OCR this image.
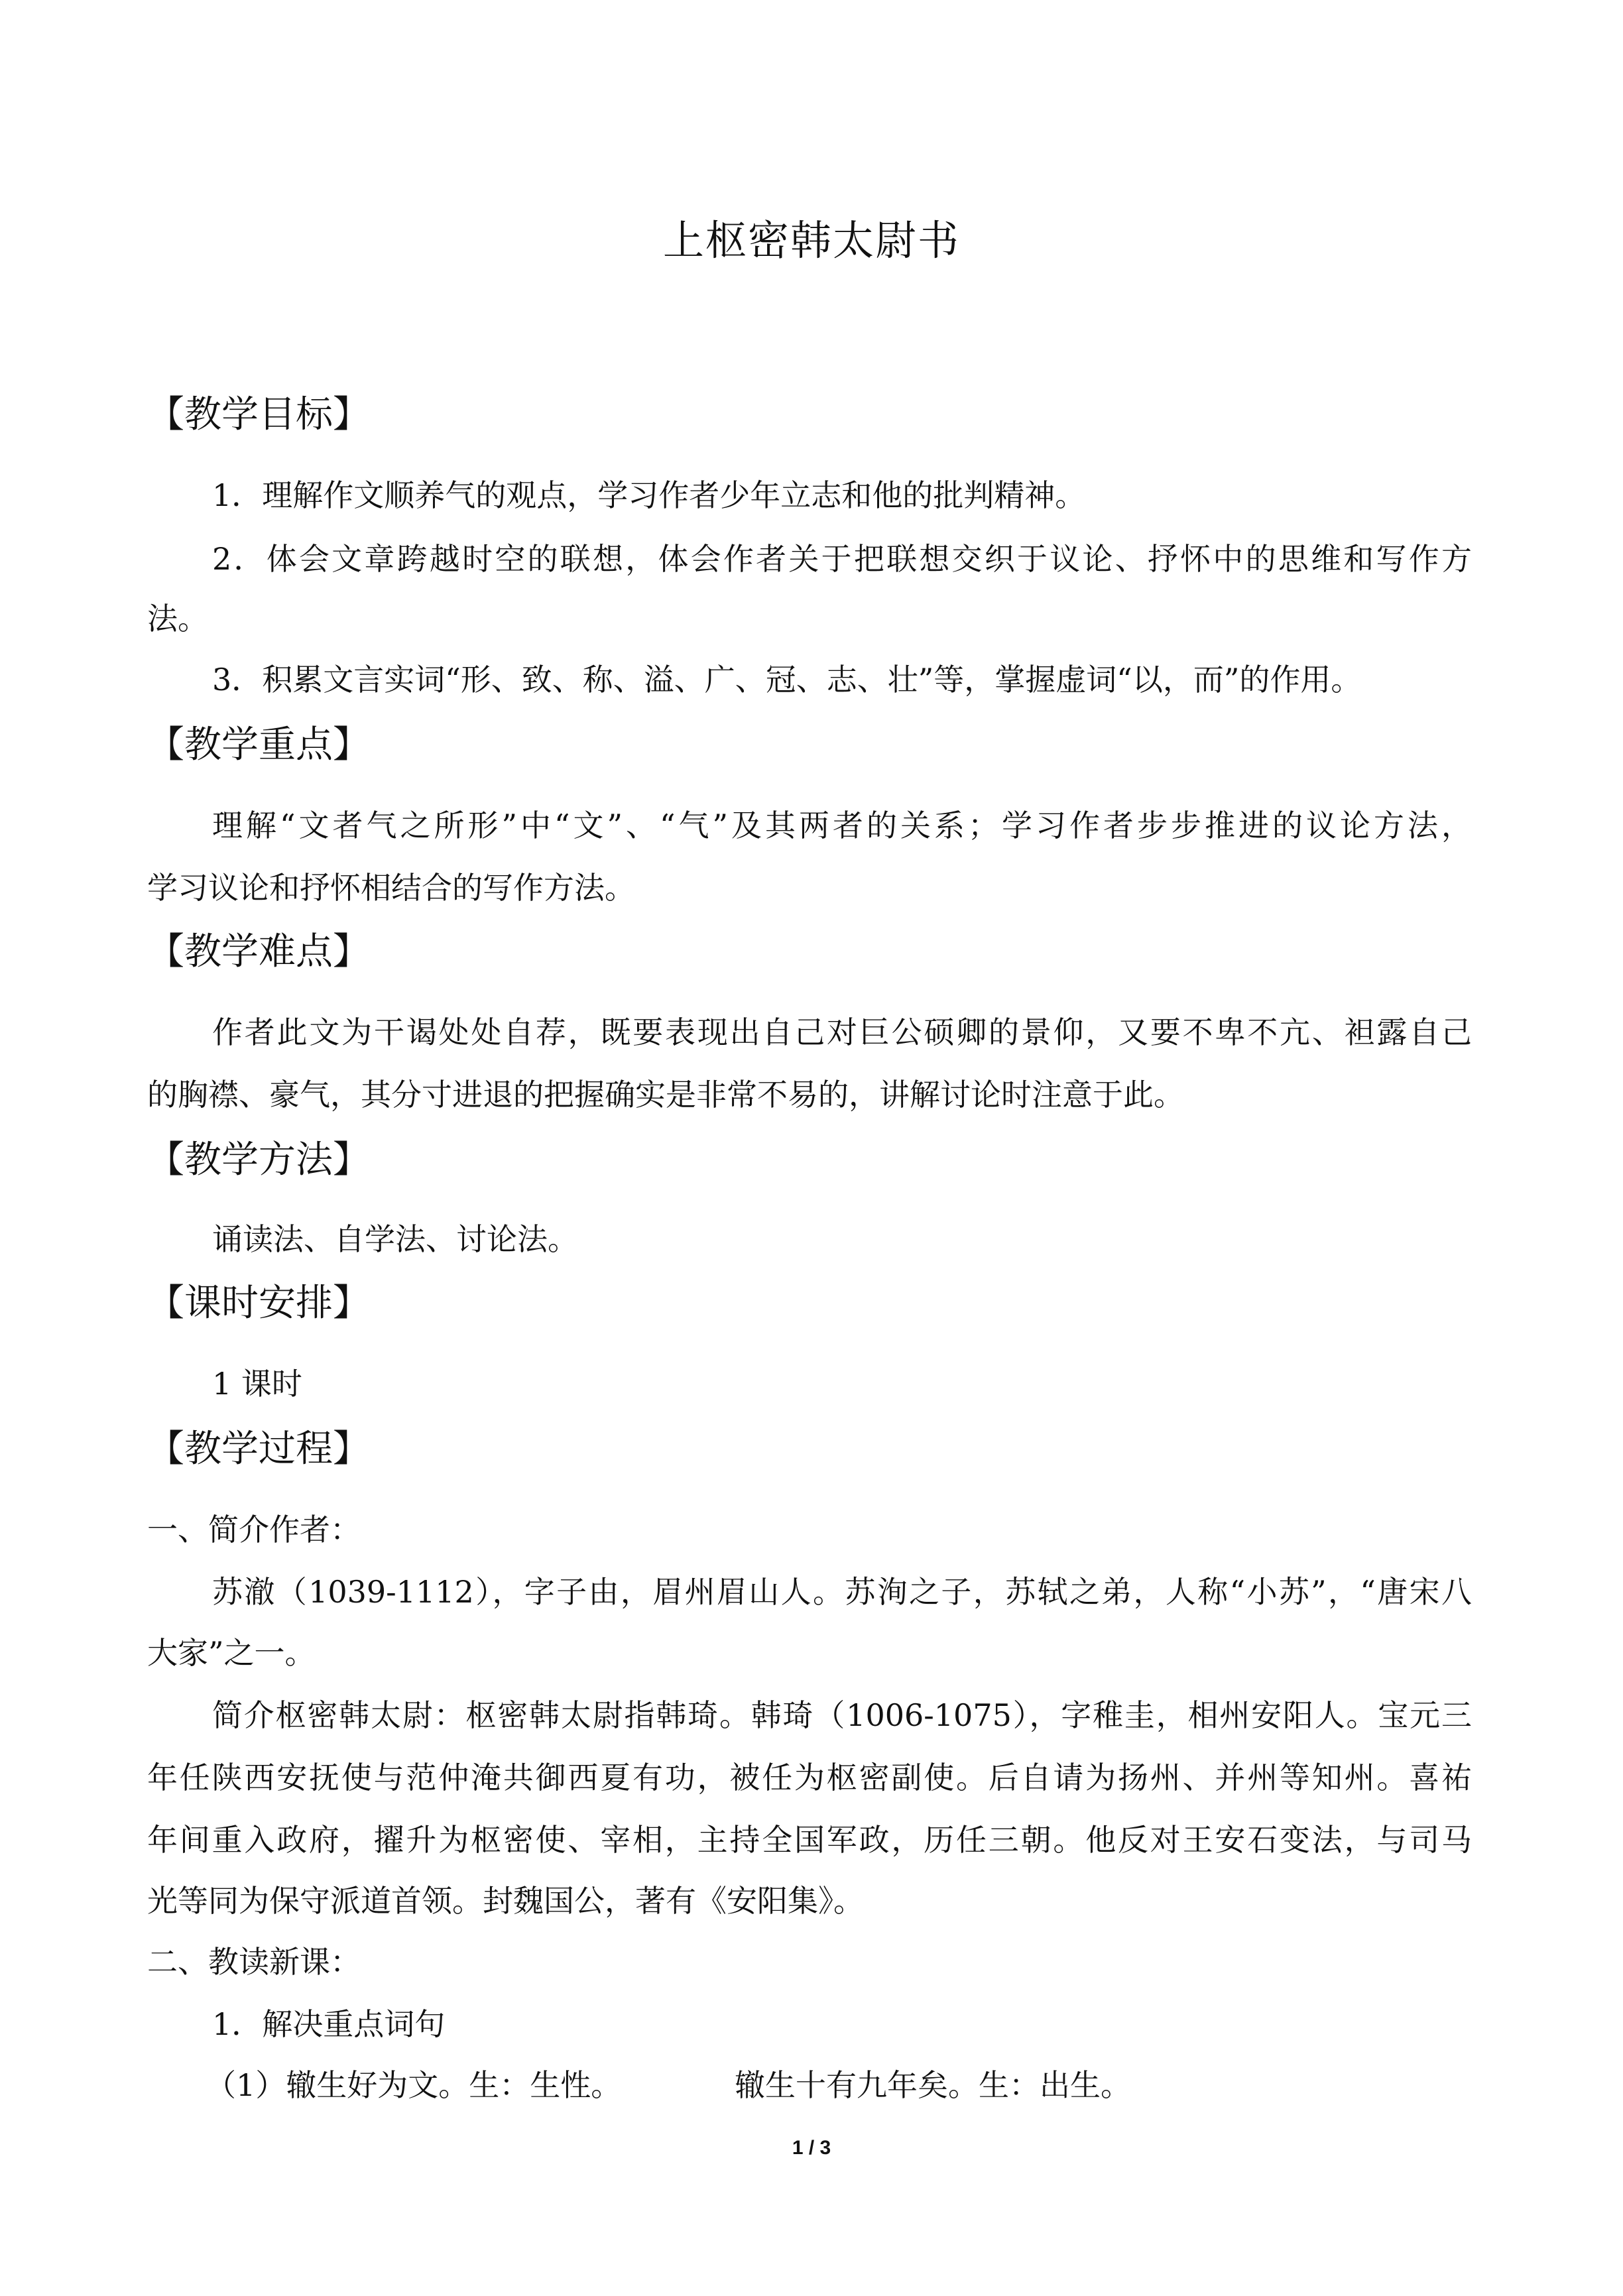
上枢密韩太尉书
【教学目标】
1．理解作文顺养气的观点，学习作者少年立志和他的批判精神。
2．体会文章跨越时空的联想，体会作者关于把联想交织于议论、抒怀中的思维和写作方
法。
3．积累文言实词“形、致、称、溢、广、冠、志、壮”等，掌握虚词“以，而”的作用。
【教学重点】
理解“文者气之所形”中“文”、“气”及其两者的关系；学习作者步步推进的议论方法，
学习议论和抒怀相结合的写作方法。
【教学难点】
作者此文为干谒处处自荐，既要表现出自己对巨公硕卿的景仰，又要不卑不亢、袒露自己
的胸襟、豪气，其分寸进退的把握确实是非常不易的，讲解讨论时注意于此。
【教学方法】
诵读法、自学法、讨论法。
【课时安排】
1 课时
【教学过程】
一、简介作者：
苏澈（1039-1112），字子由，眉州眉山人。苏洵之子，苏轼之弟，人称“小苏”，“唐宋八
大家”之一。
简介枢密韩太尉：枢密韩太尉指韩琦。韩琦（1006-1075），字稚圭，相州安阳人。宝元三
年任陕西安抚使与范仲淹共御西夏有功，被任为枢密副使。后自请为扬州、并州等知州。喜祐
年间重入政府，擢升为枢密使、宰相，主持全国军政，历任三朝。他反对王安石变法，与司马
光等同为保守派道首领。封魏国公，著有《安阳集》。
二、教读新课：
1．解决重点词句
（1）辙生好为文。生：生性。	辙生十有九年矣。生：出生。
1 / 3
